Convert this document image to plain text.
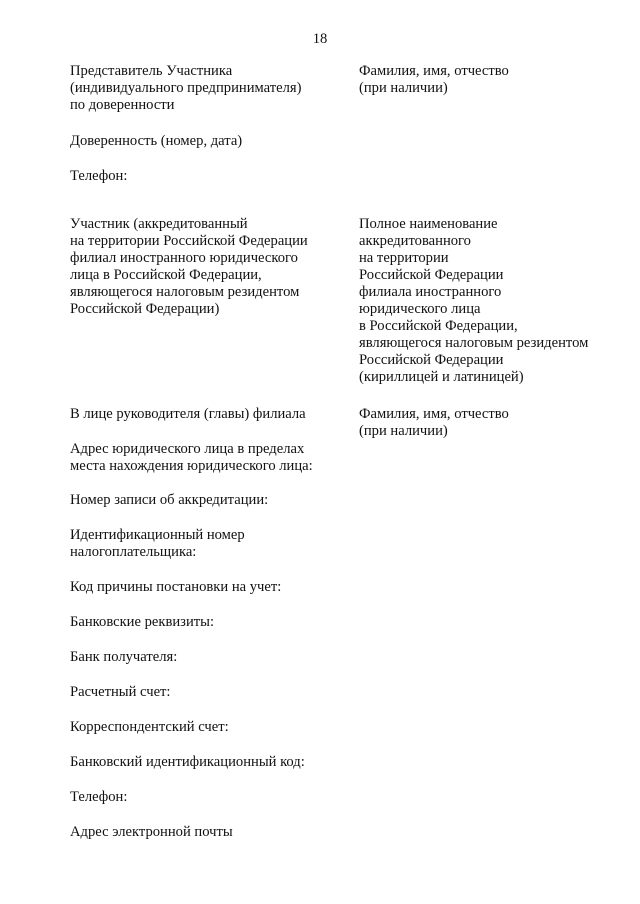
18
Представитель Участника
(индивидуального предпринимателя)
по доверенности
Фамилия, имя, отчество
(при наличии)
Доверенность (номер, дата)
Телефон:
Участник (аккредитованный
на территории Российской Федерации
филиал иностранного юридического
лица в Российской Федерации,
являющегося налоговым резидентом
Российской Федерации)
Полное наименование
аккредитованного
на территории
Российской Федерации
филиала иностранного
юридического лица
в Российской Федерации,
являющегося налоговым резидентом
Российской Федерации
(кириллицей и латиницей)
В лице руководителя (главы) филиала	Фамилия, имя, отчество
(при наличии)
Адрес юридического лица в пределах
места нахождения юридического лица:
Номер записи об аккредитации:
Идентификационный номер
налогоплательщика:
Код причины постановки на учет:
Банковские реквизиты:
Банк получателя:
Расчетный счет:
Корреспондентский счет:
Банковский идентификационный код:
Телефон:
Адрес электронной почты
